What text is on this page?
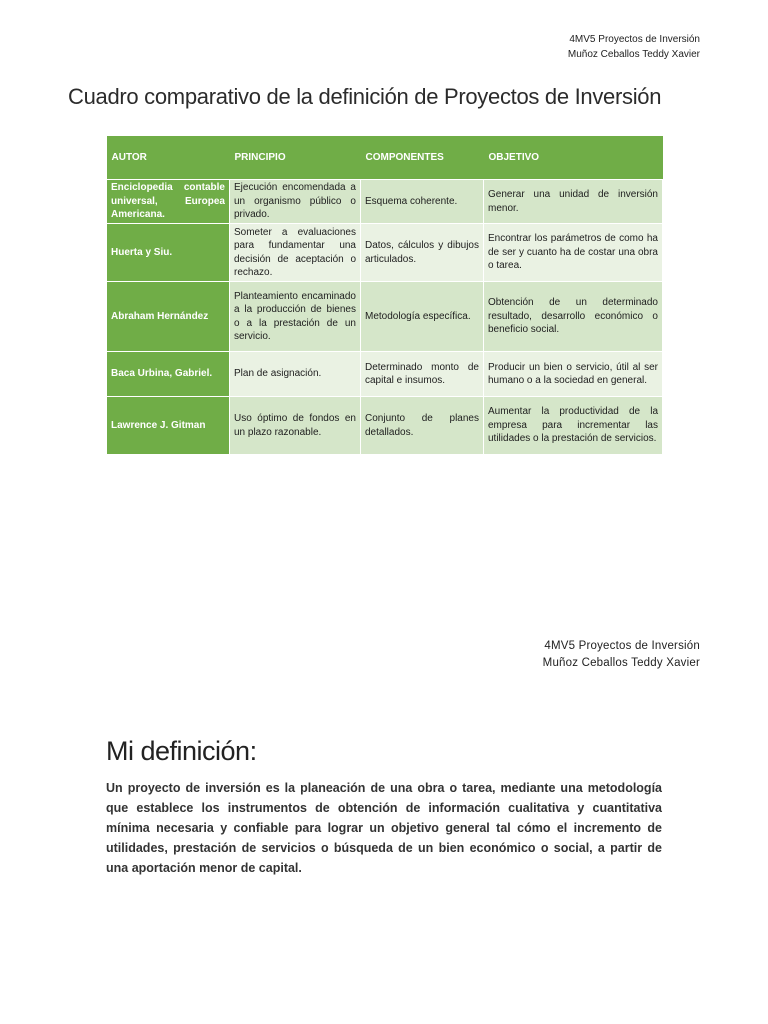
4MV5 Proyectos de Inversión
Muñoz Ceballos Teddy Xavier
Cuadro comparativo de la definición de Proyectos de Inversión
AUTOR	PRINCIPIO	COMPONENTES	OBJETIVO
Enciclopedia contable universal, Europea Americana.	Ejecución encomendada a un organismo público o privado.	Esquema coherente.	Generar una unidad de inversión menor.
Huerta y Siu.	Someter a evaluaciones para fundamentar una decisión de aceptación o rechazo.	Datos, cálculos y dibujos articulados.	Encontrar los parámetros de como ha de ser y cuanto ha de costar una obra o tarea.
Abraham Hernández	Planteamiento encaminado a la producción de bienes o a la prestación de un servicio.	Metodología específica.	Obtención de un determinado resultado, desarrollo económico o beneficio social.
Baca Urbina, Gabriel.	Plan de asignación.	Determinado monto de capital e insumos.	Producir un bien o servicio, útil al ser humano o a la sociedad en general.
Lawrence J. Gitman	Uso óptimo de fondos en un plazo razonable.	Conjunto de planes detallados.	Aumentar la productividad de la empresa para incrementar las utilidades o la prestación de servicios.
4MV5 Proyectos de Inversión
Muñoz Ceballos Teddy Xavier
Mi definición:

Un proyecto de inversión es la planeación de una obra o tarea, mediante una metodología que establece los instrumentos de obtención de información cualitativa y cuantitativa mínima necesaria y confiable para lograr un objetivo general tal cómo el incremento de utilidades, prestación de servicios o búsqueda de un bien económico o social, a partir de una aportación menor de capital.
